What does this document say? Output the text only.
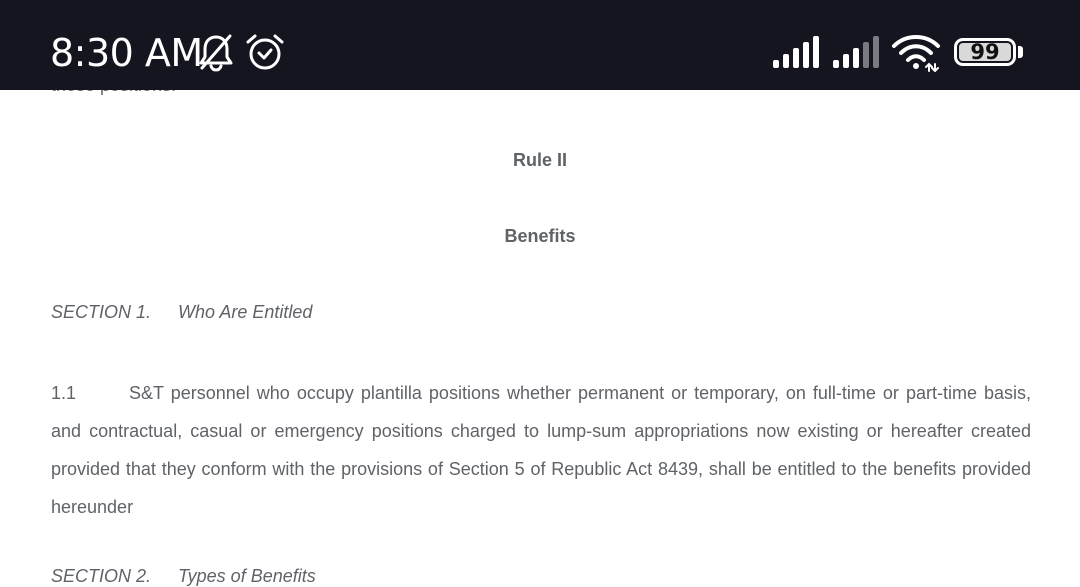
Rule II
Benefits
SECTION 1. Who Are Entitled
1.1	S&T personnel who occupy plantilla positions whether permanent or temporary, on full-time or part-time basis, and contractual, casual or emergency positions charged to lump-sum appropriations now existing or hereafter created provided that they conform with the provisions of Section 5 of Republic Act 8439, shall be entitled to the benefits provided hereunder
SECTION 2. Types of Benefits
8:30 AM	99
